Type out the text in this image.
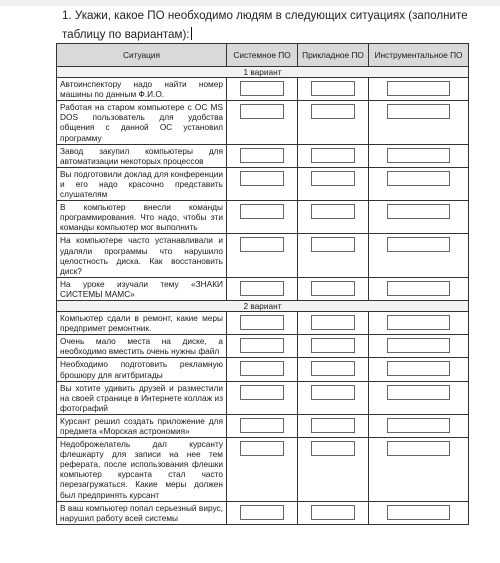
1. Укажи, какое ПО необходимо людям в следующих ситуациях (заполните таблицу по вариантам):
Ситуация	Системное ПО	Прикладное ПО	Инструментальное ПО
1 вариант			
Автоинспектору надо найти номер машины по данным Ф.И.О.	

Работая на старом компьютере с ОС MS DOS пользователь для удобства общения с данной ОС установил программу	

Завод закупил компьютеры для автоматизации некоторых процессов	

Вы подготовили доклад для конференции и его надо красочно представить слушателям	

В компьютер внесли команды программирования. Что надо, чтобы эти команды компьютер мог выполнить	

На компьютере часто устанавливали и удаляли программы что нарушило целостность диска. Как восстановить диск?	

На уроке изучали тему «ЗНАКИ СИСТЕМЫ МАМС»	

2 вариант			
Компьютер сдали в ремонт, какие меры предпримет ремонтник.	

Очень мало места на диске, а необходимо вместить очень нужны файл	

Необходимо подготовить рекламную брошюру для агитбригады	

Вы хотите удивить друзей и разместили на своей странице в Интернете коллаж из фотографий	

Курсант решил создать приложение для предмета «Морская астрономия»	

Недоброжелатель дал курсанту флешкарту для записи на нее тем реферата, после использования флешки компьютер курсанта стал часто перезагружаться. Какие меры должен был предпринять курсант	

В ваш компьютер попал серьезный вирус, нарушил работу всей системы	
